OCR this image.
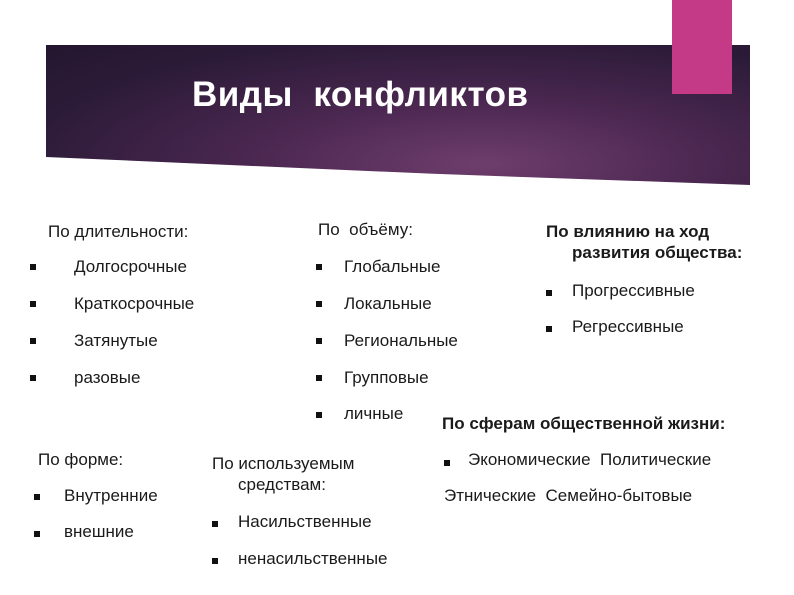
Виды  конфликтов
По длительности:
Долгосрочные
Краткосрочные
Затянутые
разовые
По  объёму:
Глобальные
Локальные
Региональные
Групповые
личные
По влиянию на ход
развития общества:
Прогрессивные
Регрессивные
По форме:
Внутренние
внешние
По используемым
средствам:
Насильственные
ненасильственные
По сферам общественной жизни:
Экономические  Политические
Этнические  Семейно-бытовые
